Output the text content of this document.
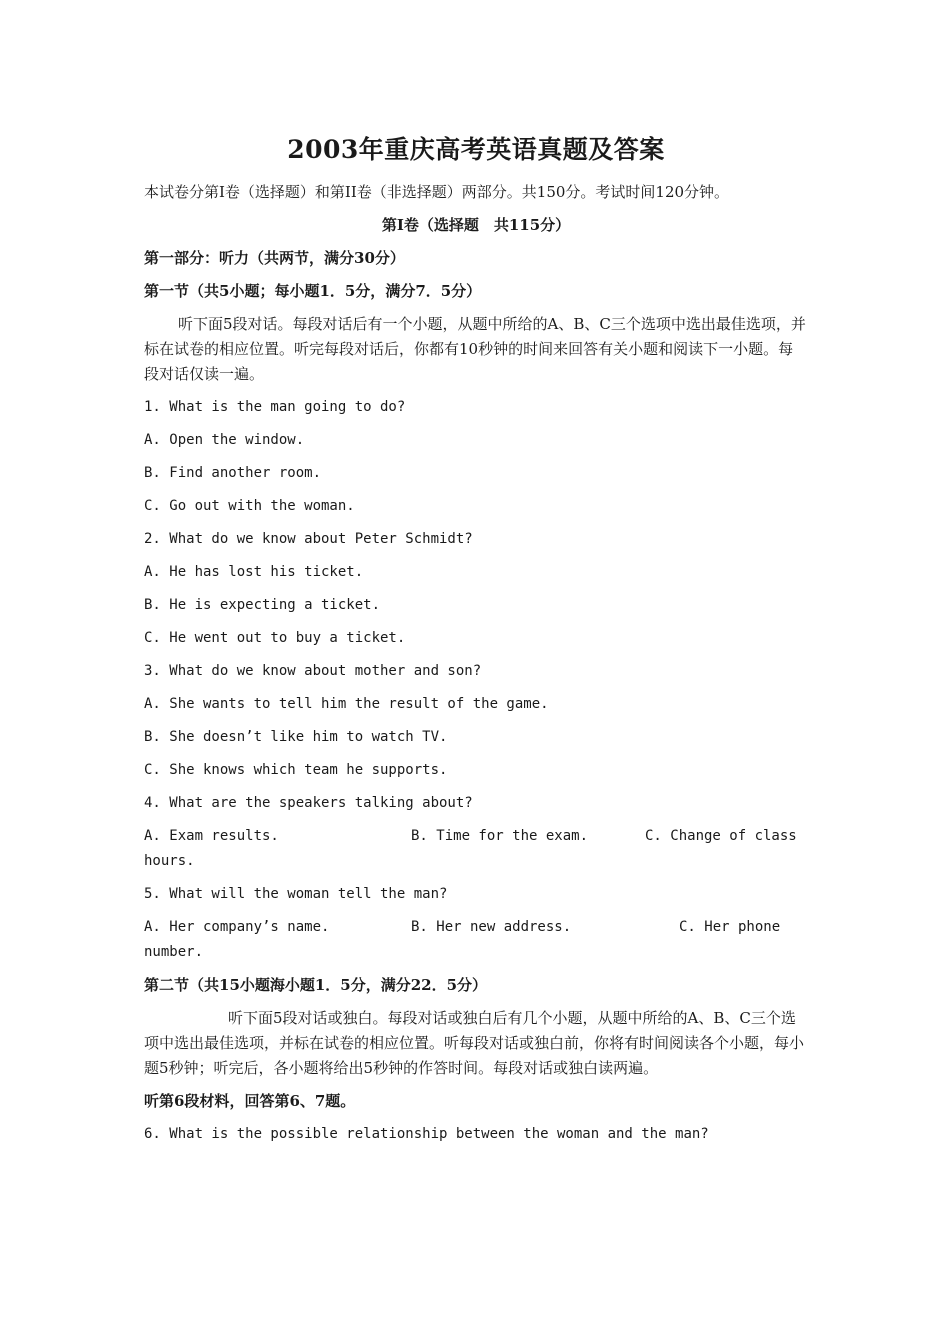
2003年重庆高考英语真题及答案
本试卷分第I卷（选择题）和第II卷（非选择题）两部分。共150分。考试时间120分钟。
第I卷（选择题　共115分）
第一部分：听力（共两节，满分30分）
第一节（共5小题；每小题1．5分，满分7．5分）
听下面5段对话。每段对话后有一个小题，从题中所给的A、B、C三个选项中选出最佳选项，并标在试卷的相应位置。听完每段对话后，你都有10秒钟的时间来回答有关小题和阅读下一小题。每段对话仅读一遍。
1. What is the man going to do?
A. Open the window.
B. Find another room.
C. Go out with the woman.
2. What do we know about Peter Schmidt?
A. He has lost his ticket.
B. He is expecting a ticket.
C. He went out to buy a ticket.
3. What do we know about mother and son?
A. She wants to tell him the result of the game.
B. She doesn’t like him to watch TV.
C. She knows which team he supports.
4. What are the speakers talking about?
A. Exam results.	B. Time for the exam.	C. Change of class
hours.
5. What will the woman tell the man?
A. Her company’s name.	B. Her new address.	C. Her phone
number.
第二节（共15小题海小题1．5分，满分22．5分）
听下面5段对话或独白。每段对话或独白后有几个小题，从题中所给的A、B、C三个选项中选出最佳选项，并标在试卷的相应位置。听每段对话或独白前，你将有时间阅读各个小题，每小题5秒钟；听完后，各小题将给出5秒钟的作答时间。每段对话或独白读两遍。
听第6段材料，回答第6、7题。
6. What is the possible relationship between the woman and the man?
